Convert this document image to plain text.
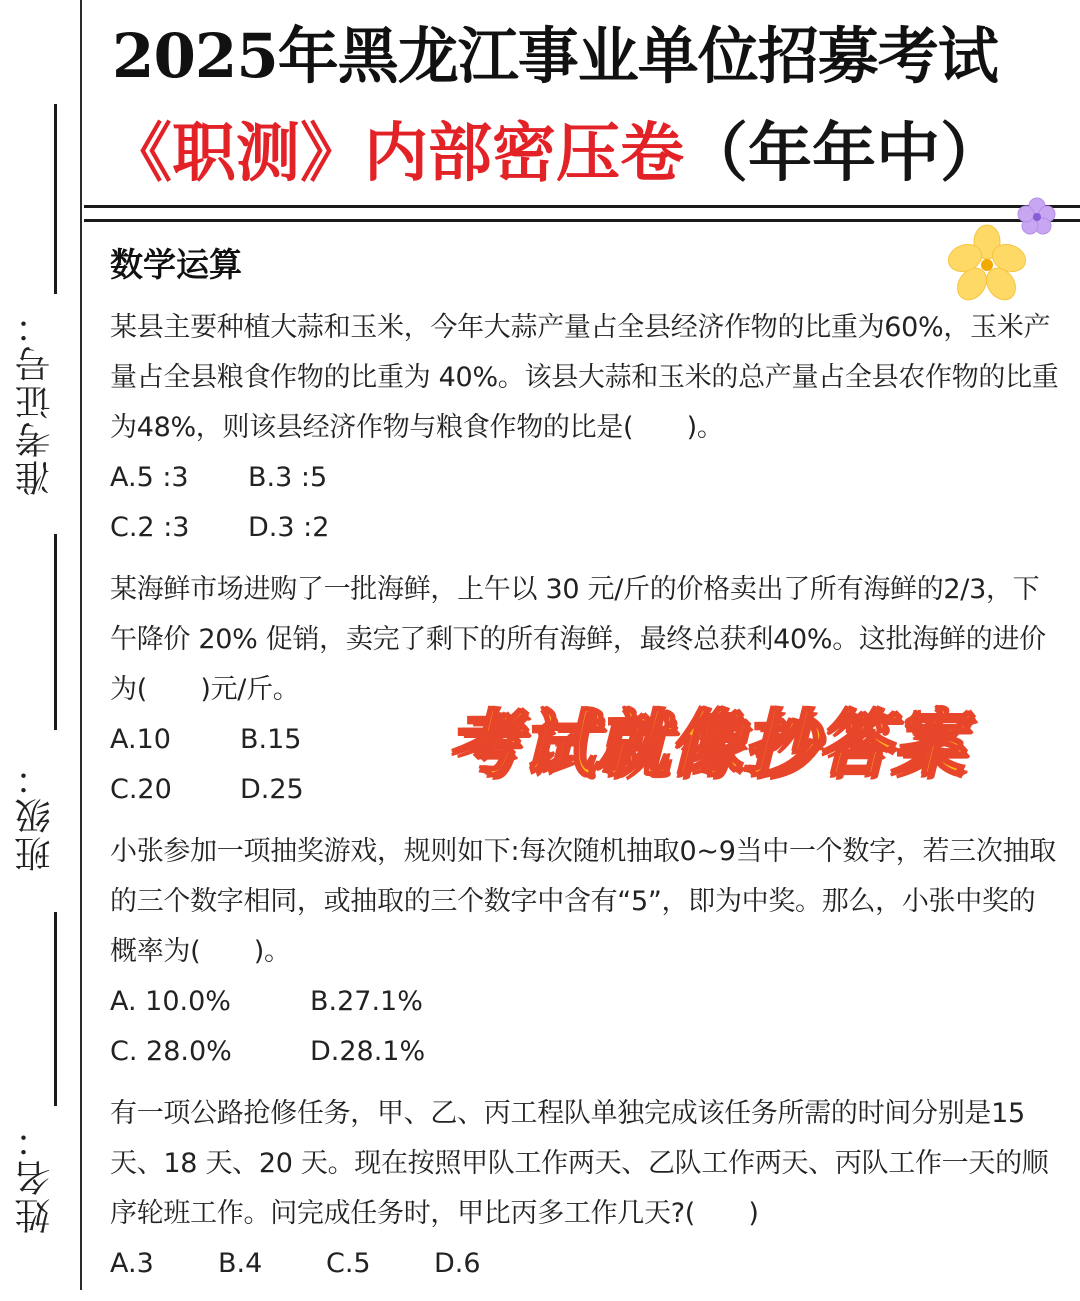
准考证号：
班级：
姓名：
2025年黑龙江事业单位招募考试
《职测》内部密压卷（年年中）
数学运算

某县主要种植大蒜和玉米，今年大蒜产量占全县经济作物的比重为60%，玉米产量占全县粮食作物的比重为 40%。该县大蒜和玉米的总产量占全县农作物的比重为48%，则该县经济作物与粮食作物的比是(　　)。

A.5 :3	B.3 :5
C.2 :3	D.3 :2

某海鲜市场进购了一批海鲜，上午以 30 元/斤的价格卖出了所有海鲜的2/3，下午降价 20% 促销，卖完了剩下的所有海鲜，最终总获利40%。这批海鲜的进价为(　　)元/斤。

A.10	B.15
C.20	D.25

小张参加一项抽奖游戏，规则如下:每次随机抽取0~9当中一个数字，若三次抽取的三个数字相同，或抽取的三个数字中含有“5”，即为中奖。那么，小张中奖的概率为(　　)。

A. 10.0%	B.27.1%
C. 28.0%	D.28.1%

有一项公路抢修任务，甲、乙、丙工程队单独完成该任务所需的时间分别是15天、18 天、20 天。现在按照甲队工作两天、乙队工作两天、丙队工作一天的顺序轮班工作。问完成任务时，甲比丙多工作几天?(　　)

A.3	B.4	C.5	D.6
考试就像抄答案
